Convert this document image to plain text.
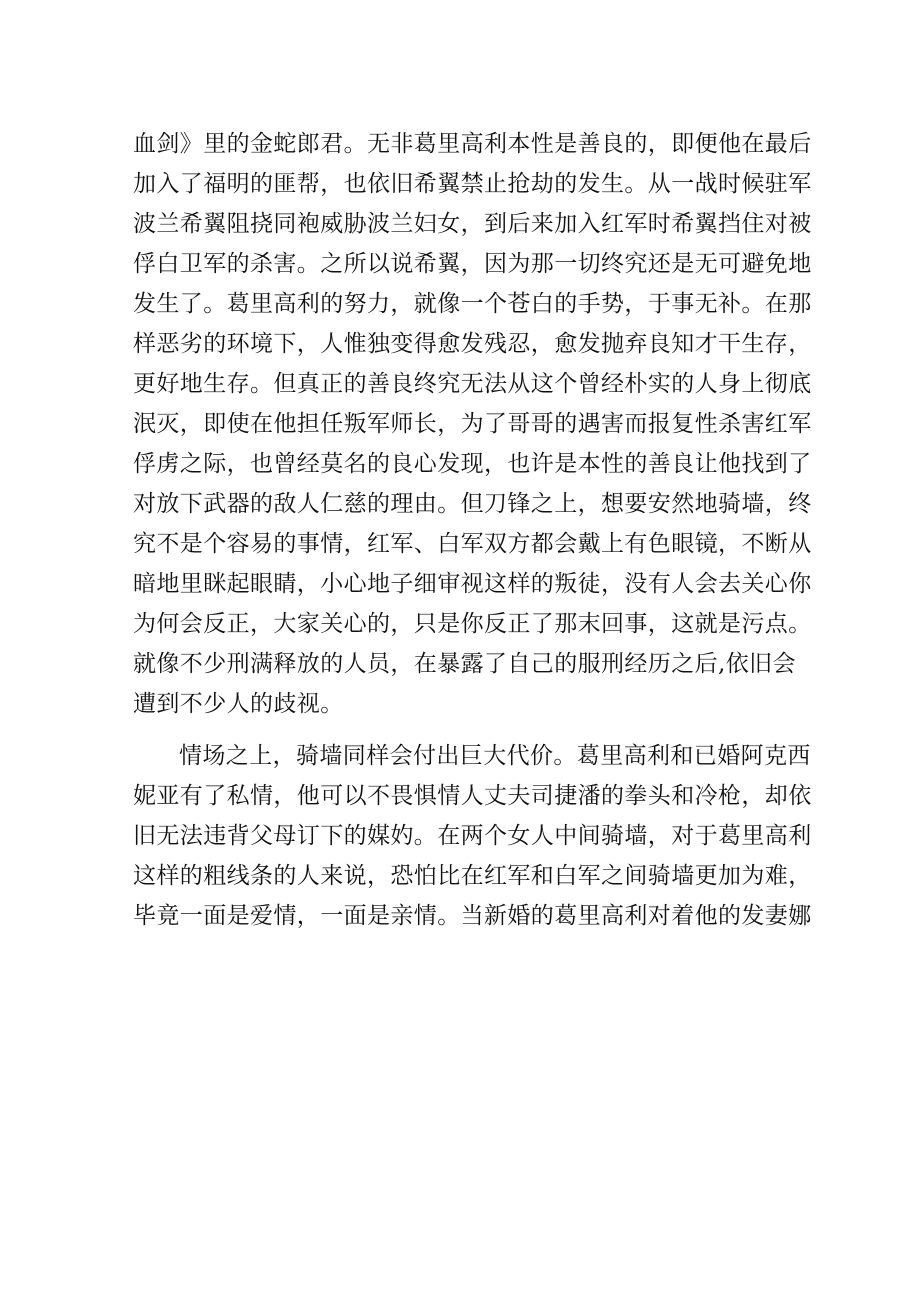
血剑》里的金蛇郎君。无非葛里高利本性是善良的，即便他在最后
加入了福明的匪帮，也依旧希翼禁止抢劫的发生。从一战时候驻军
波兰希翼阻挠同袍威胁波兰妇女，到后来加入红军时希翼挡住对被
俘白卫军的杀害。之所以说希翼，因为那一切终究还是无可避免地
发生了。葛里高利的努力，就像一个苍白的手势，于事无补。在那
样恶劣的环境下，人惟独变得愈发残忍，愈发抛弃良知才干生存，
更好地生存。但真正的善良终究无法从这个曾经朴实的人身上彻底
泯灭，即使在他担任叛军师长，为了哥哥的遇害而报复性杀害红军
俘虏之际，也曾经莫名的良心发现，也许是本性的善良让他找到了
对放下武器的敌人仁慈的理由。但刀锋之上，想要安然地骑墙，终
究不是个容易的事情，红军、白军双方都会戴上有色眼镜，不断从
暗地里眯起眼睛，小心地子细审视这样的叛徒，没有人会去关心你
为何会反正，大家关心的，只是你反正了那末回事，这就是污点。
就像不少刑满释放的人员，在暴露了自己的服刑经历之后,依旧会
遭到不少人的歧视。
情场之上，骑墙同样会付出巨大代价。葛里高利和已婚阿克西
妮亚有了私情，他可以不畏惧情人丈夫司捷潘的拳头和冷枪，却依
旧无法违背父母订下的媒妁。在两个女人中间骑墙，对于葛里高利
这样的粗线条的人来说，恐怕比在红军和白军之间骑墙更加为难，
毕竟一面是爱情，一面是亲情。当新婚的葛里高利对着他的发妻娜
